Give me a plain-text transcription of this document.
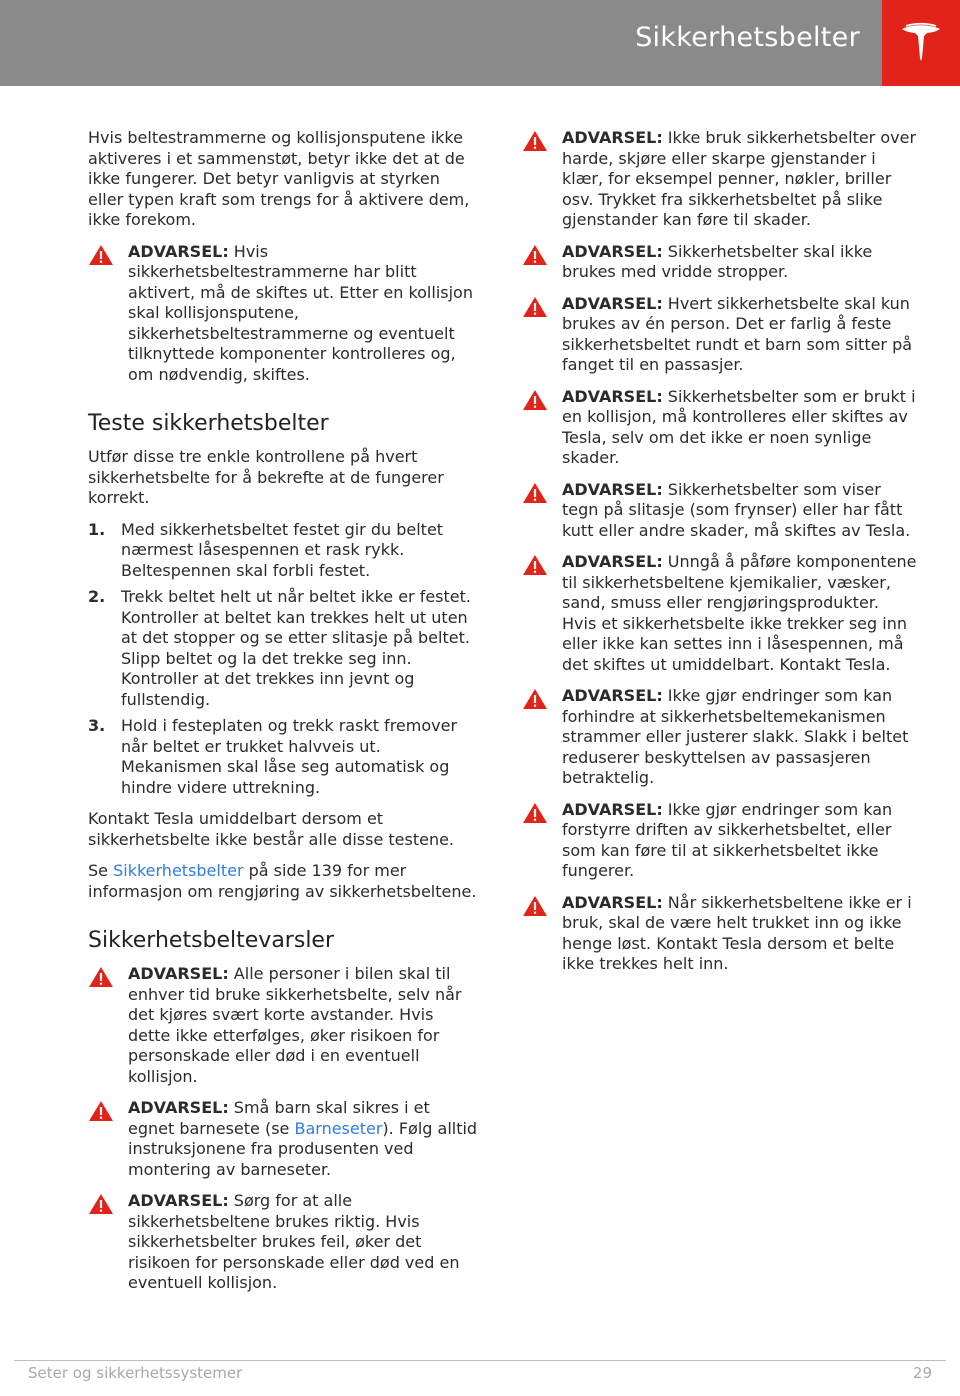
Sikkerhetsbelter

Hvis beltestrammerne og kollisjonsputene ikke aktiveres i et sammenstøt, betyr ikke det at de ikke fungerer. Det betyr vanligvis at styrken eller typen kraft som trengs for å aktivere dem, ikke forekom.

ADVARSEL: Hvis sikkerhetsbeltestrammerne har blitt aktivert, må de skiftes ut. Etter en kollisjon skal kollisjonsputene, sikkerhetsbeltestrammerne og eventuelt tilknyttede komponenter kontrolleres og, om nødvendig, skiftes.
Teste sikkerhetsbelter

Utfør disse tre enkle kontrollene på hvert sikkerhetsbelte for å bekrefte at de fungerer korrekt.

1. Med sikkerhetsbeltet festet gir du beltet nærmest låsespennen et rask rykk. Beltespennen skal forbli festet.
2. Trekk beltet helt ut når beltet ikke er festet. Kontroller at beltet kan trekkes helt ut uten at det stopper og se etter slitasje på beltet. Slipp beltet og la det trekke seg inn. Kontroller at det trekkes inn jevnt og fullstendig.
3. Hold i festeplaten og trekk raskt fremover når beltet er trukket halvveis ut. Mekanismen skal låse seg automatisk og hindre videre uttrekning.

Kontakt Tesla umiddelbart dersom et sikkerhetsbelte ikke består alle disse testene.

Se Sikkerhetsbelter på side 139 for mer informasjon om rengjøring av sikkerhetsbeltene.

Sikkerhetsbeltevarsler
ADVARSEL: Alle personer i bilen skal til enhver tid bruke sikkerhetsbelte, selv når det kjøres svært korte avstander. Hvis dette ikke etterfølges, øker risikoen for personskade eller død i en eventuell kollisjon.
ADVARSEL: Små barn skal sikres i et egnet barnesete (se Barneseter). Følg alltid instruksjonene fra produsenten ved montering av barneseter.
ADVARSEL: Sørg for at alle sikkerhetsbeltene brukes riktig. Hvis sikkerhetsbelter brukes feil, øker det risikoen for personskade eller død ved en eventuell kollisjon.
ADVARSEL: Ikke bruk sikkerhetsbelter over harde, skjøre eller skarpe gjenstander i klær, for eksempel penner, nøkler, briller osv. Trykket fra sikkerhetsbeltet på slike gjenstander kan føre til skader.
ADVARSEL: Sikkerhetsbelter skal ikke brukes med vridde stropper.
ADVARSEL: Hvert sikkerhetsbelte skal kun brukes av én person. Det er farlig å feste sikkerhetsbeltet rundt et barn som sitter på fanget til en passasjer.
ADVARSEL: Sikkerhetsbelter som er brukt i en kollisjon, må kontrolleres eller skiftes av Tesla, selv om det ikke er noen synlige skader.
ADVARSEL: Sikkerhetsbelter som viser tegn på slitasje (som frynser) eller har fått kutt eller andre skader, må skiftes av Tesla.
ADVARSEL: Unngå å påføre komponentene til sikkerhetsbeltene kjemikalier, væsker, sand, smuss eller rengjøringsprodukter. Hvis et sikkerhetsbelte ikke trekker seg inn eller ikke kan settes inn i låsespennen, må det skiftes ut umiddelbart. Kontakt Tesla.
ADVARSEL: Ikke gjør endringer som kan forhindre at sikkerhetsbeltemekanismen strammer eller justerer slakk. Slakk i beltet reduserer beskyttelsen av passasjeren betraktelig.
ADVARSEL: Ikke gjør endringer som kan forstyrre driften av sikkerhetsbeltet, eller som kan føre til at sikkerhetsbeltet ikke fungerer.
ADVARSEL: Når sikkerhetsbeltene ikke er i bruk, skal de være helt trukket inn og ikke henge løst. Kontakt Tesla dersom et belte ikke trekkes helt inn.
Seter og sikkerhetssystemer	29
